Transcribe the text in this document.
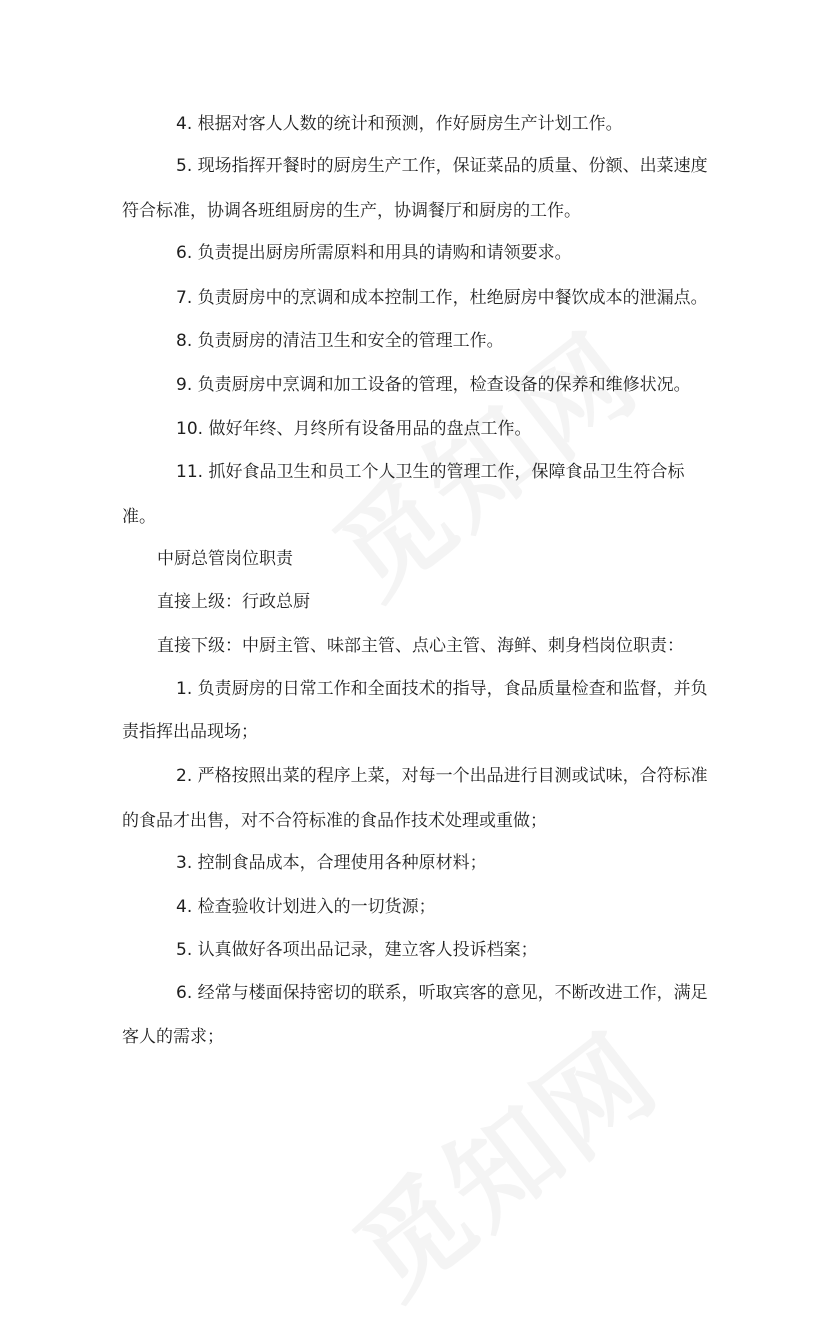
4. 根据对客人人数的统计和预测，作好厨房生产计划工作。
5. 现场指挥开餐时的厨房生产工作，保证菜品的质量、份额、出菜速度
符合标准，协调各班组厨房的生产，协调餐厅和厨房的工作。
6. 负责提出厨房所需原料和用具的请购和请领要求。
7. 负责厨房中的烹调和成本控制工作，杜绝厨房中餐饮成本的泄漏点。
8. 负责厨房的清洁卫生和安全的管理工作。
9. 负责厨房中烹调和加工设备的管理，检查设备的保养和维修状况。
10. 做好年终、月终所有设备用品的盘点工作。
11. 抓好食品卫生和员工个人卫生的管理工作，保障食品卫生符合标
准。
中厨总管岗位职责
直接上级：行政总厨
直接下级：中厨主管、味部主管、点心主管、海鲜、刺身档岗位职责：
1. 负责厨房的日常工作和全面技术的指导，食品质量检查和监督，并负
责指挥出品现场；
2. 严格按照出菜的程序上菜，对每一个出品进行目测或试味，合符标准
的食品才出售，对不合符标准的食品作技术处理或重做；
3. 控制食品成本，合理使用各种原材料；
4. 检查验收计划进入的一切货源；
5. 认真做好各项出品记录，建立客人投诉档案；
6. 经常与楼面保持密切的联系，听取宾客的意见，不断改进工作，满足
客人的需求；
